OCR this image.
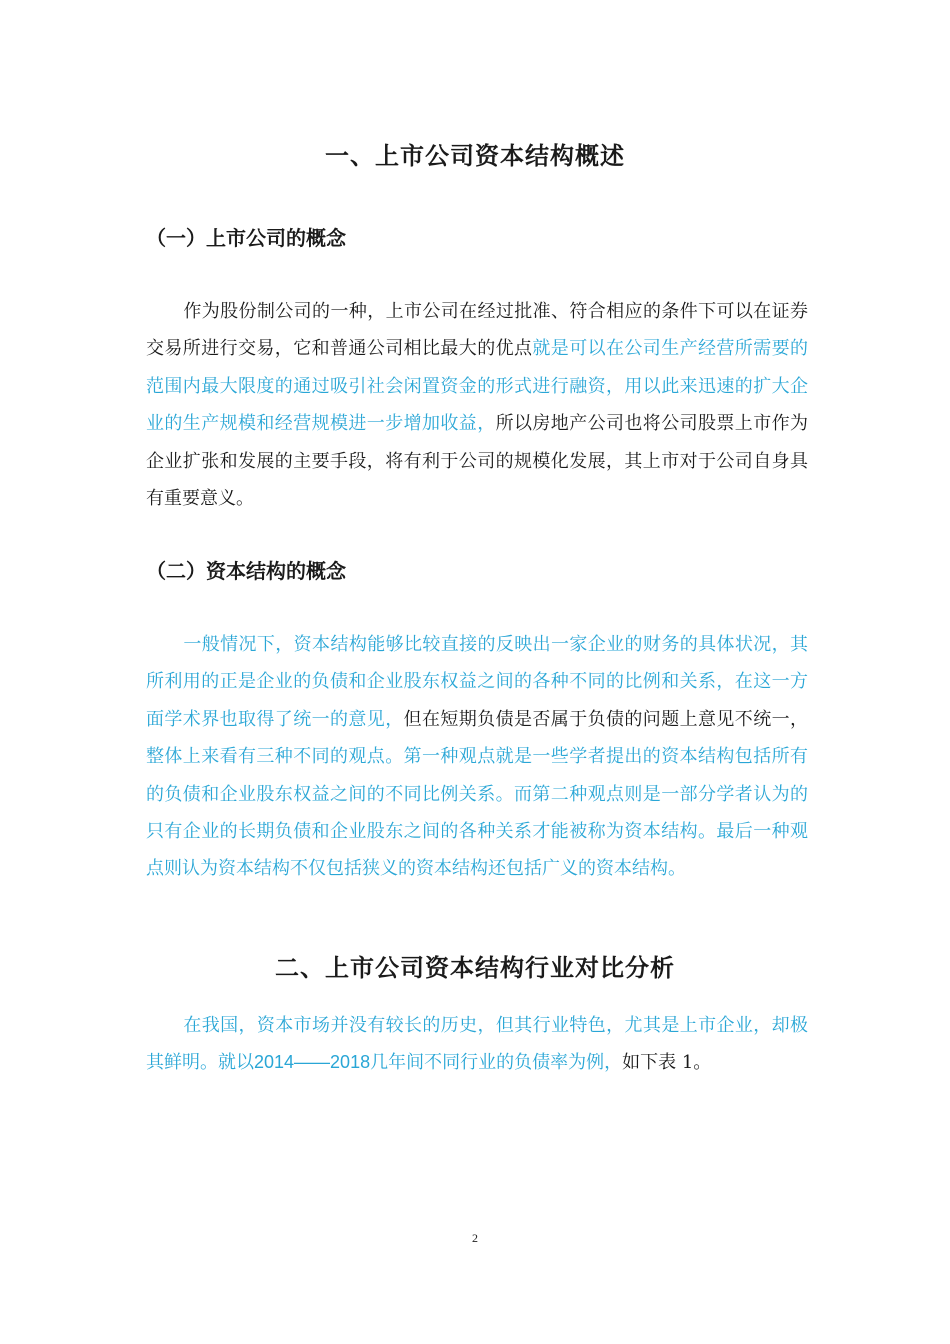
一、上市公司资本结构概述
（一）上市公司的概念

作为股份制公司的一种，上市公司在经过批准、符合相应的条件下可以在证券交易所进行交易，它和普通公司相比最大的优点就是可以在公司生产经营所需要的范围内最大限度的通过吸引社会闲置资金的形式进行融资，用以此来迅速的扩大企业的生产规模和经营规模进一步增加收益，所以房地产公司也将公司股票上市作为企业扩张和发展的主要手段，将有利于公司的规模化发展，其上市对于公司自身具有重要意义。

（二）资本结构的概念

一般情况下，资本结构能够比较直接的反映出一家企业的财务的具体状况，其所利用的正是企业的负债和企业股东权益之间的各种不同的比例和关系，在这一方面学术界也取得了统一的意见，但在短期负债是否属于负债的问题上意见不统一，整体上来看有三种不同的观点。第一种观点就是一些学者提出的资本结构包括所有的负债和企业股东权益之间的不同比例关系。而第二种观点则是一部分学者认为的只有企业的长期负债和企业股东之间的各种关系才能被称为资本结构。最后一种观点则认为资本结构不仅包括狭义的资本结构还包括广义的资本结构。

二、上市公司资本结构行业对比分析

在我国，资本市场并没有较长的历史，但其行业特色，尤其是上市企业，却极其鲜明。就以2014——2018几年间不同行业的负债率为例，如下表 1。

2
